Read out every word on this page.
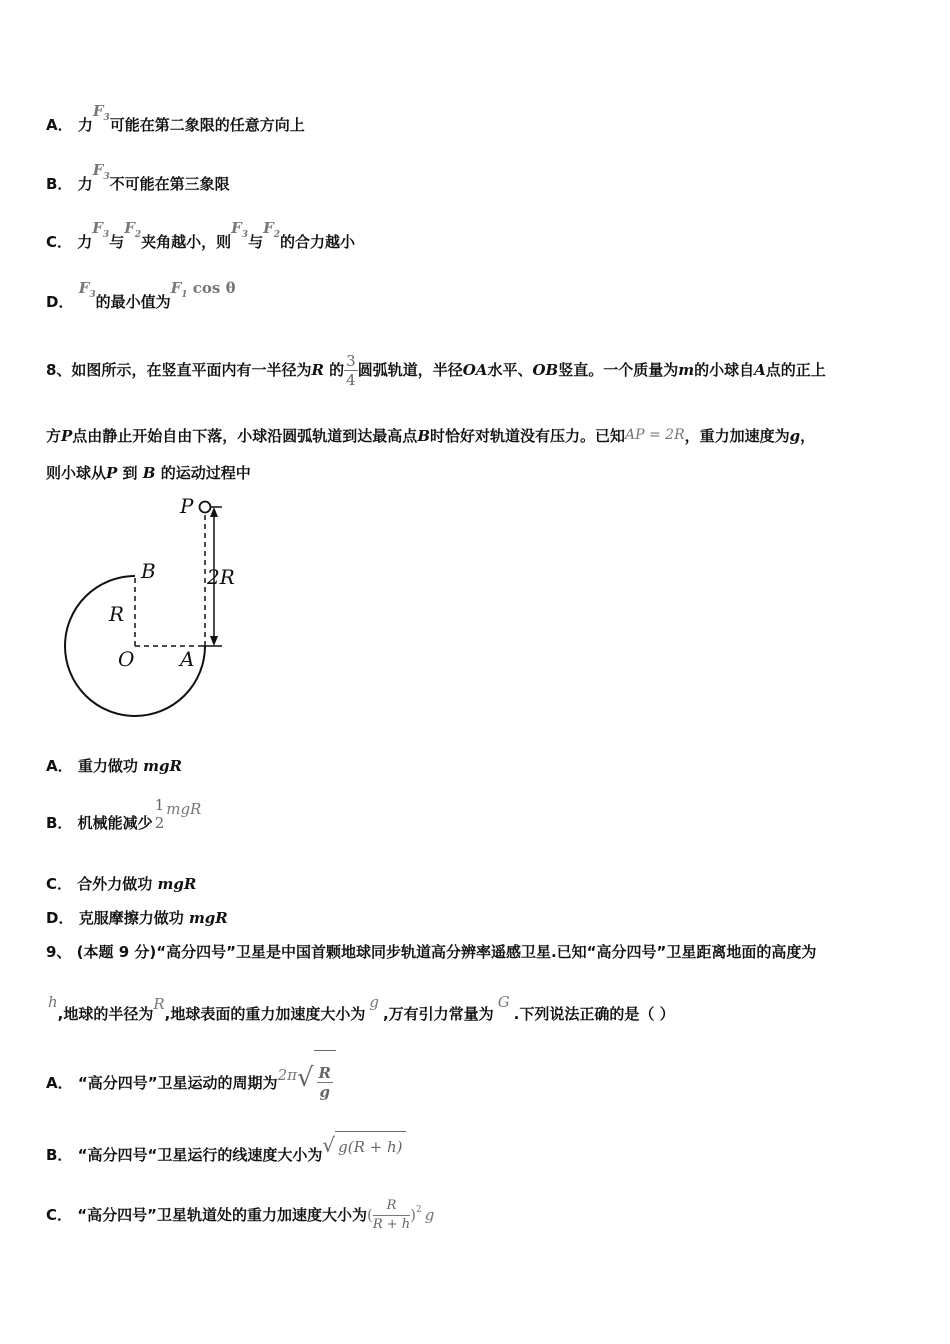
A． 力$F_3$可能在第二象限的任意方向上
B． 力$F_3$不可能在第三象限
C． 力$F_3$与$F_2$夹角越小，则$F_3$与$F_2$的合力越小
D． $F_3$的最小值为$F_1$ cos θ
8、如图所示，在竖直平面内有一半径为R 的 $\frac{3}{4}$ 圆弧轨道，半径OA水平、OB竖直。一个质量为m的小球自A点的正上
方P点由静止开始自由下落，小球沿圆弧轨道到达最高点B时恰好对轨道没有压力。已知AP = 2R，重力加速度为g，
则小球从P 到 B 的运动过程中
P
B
R
2R
O A
A． 重力做功 mgR
B． 机械能减少
1
2
mgR
C． 合外力做功 mgR
D． 克服摩擦力做功 mgR
9、 (本题 9 分)“高分四号”卫星是中国首颗地球同步轨道高分辨率遥感卫星.已知“高分四号”卫星距离地面的高度为
h,地球的半径为R,地球表面的重力加速度大小为g,万有引力常量为G.下列说法正确的是（ ）
A． “高分四号”卫星运动的周期为$2\pi√ \frac{R}{g}$
B． “高分四号“卫星运行的线速度大小为√ g(R + h)
C． “高分四号”卫星轨道处的重力加速度大小为( $\frac{R}{R + h} )^2$ g
